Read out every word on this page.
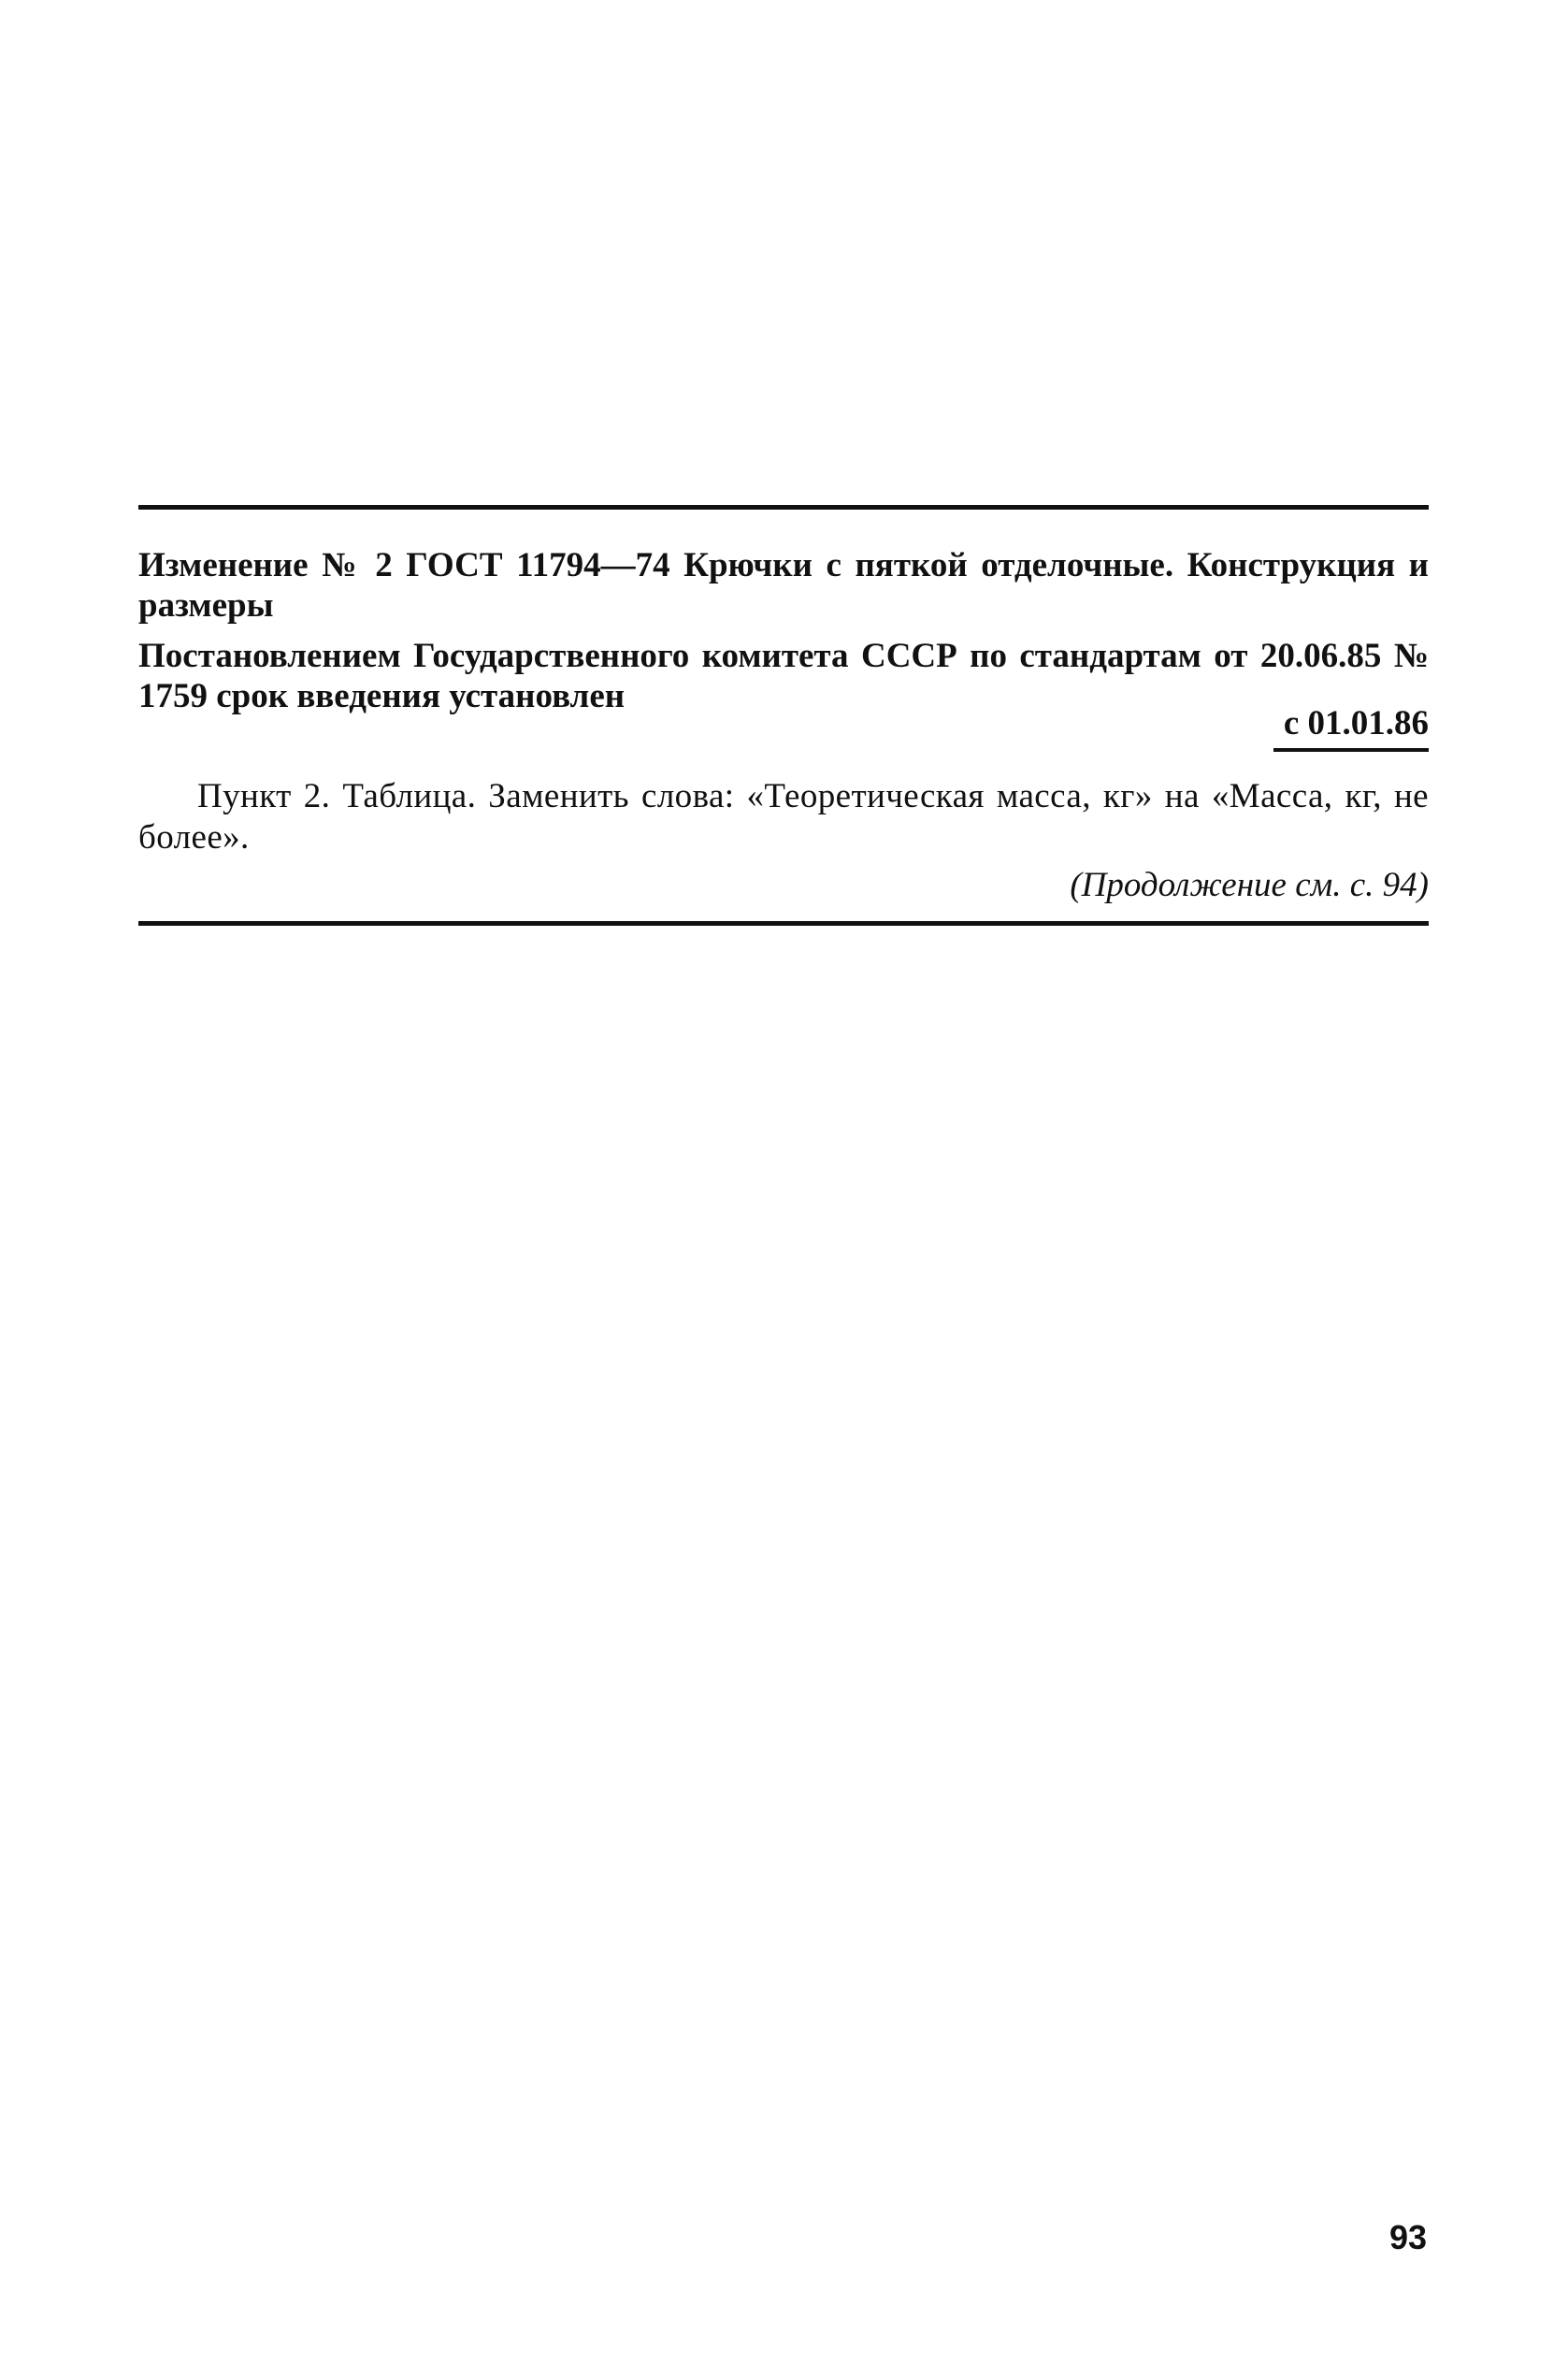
Изменение № 2 ГОСТ 11794—74 Крючки с пяткой отделочные. Конструкция и размеры
Постановлением Государственного комитета СССР по стандартам от 20.06.85 № 1759 срок введения установлен
с 01.01.86
Пункт 2. Таблица. Заменить слова: «Теоретическая масса, кг» на «Масса, кг, не более».
(Продолжение см. с. 94)
93
